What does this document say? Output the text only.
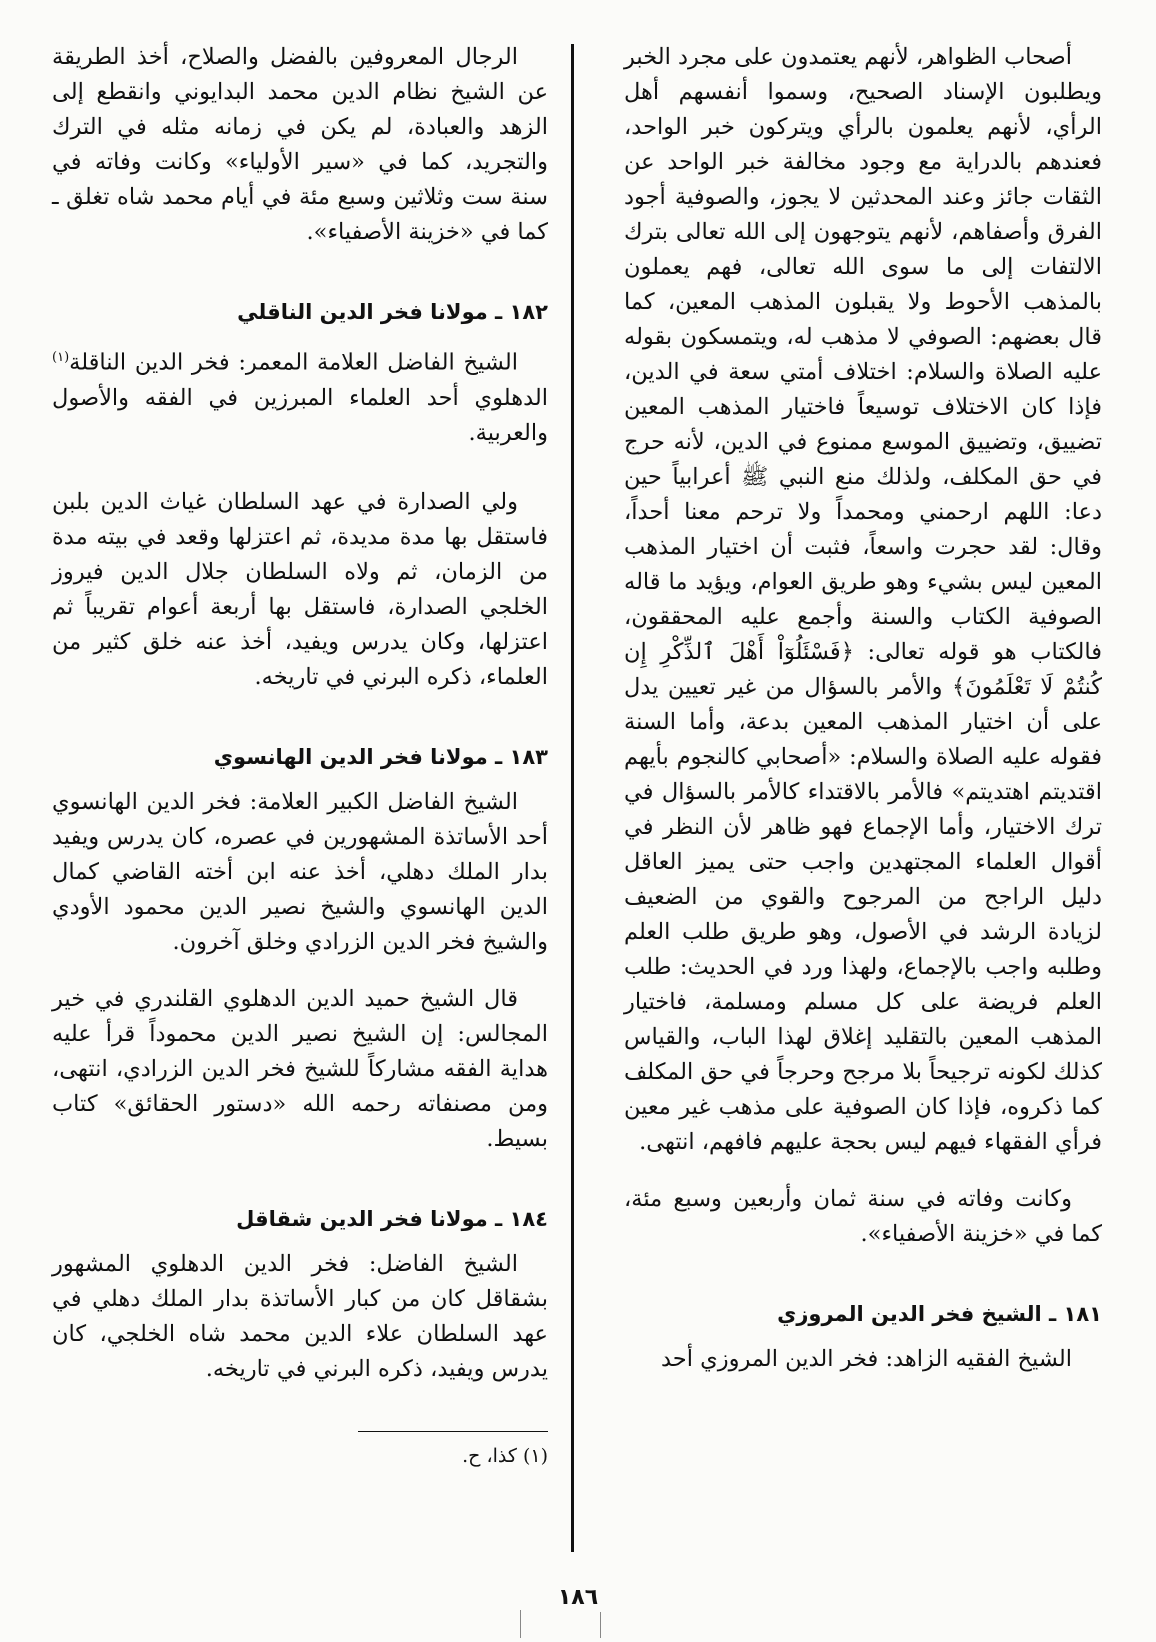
أصحاب الظواهر، لأنهم يعتمدون على مجرد الخبر ويطلبون الإسناد الصحيح، وسموا أنفسهم أهل الرأي، لأنهم يعلمون بالرأي ويتركون خبر الواحد، فعندهم بالدراية مع وجود مخالفة خبر الواحد عن الثقات جائز وعند المحدثين لا يجوز، والصوفية أجود الفرق وأصفاهم، لأنهم يتوجهون إلى الله تعالى بترك الالتفات إلى ما سوى الله تعالى، فهم يعملون بالمذهب الأحوط ولا يقبلون المذهب المعين، كما قال بعضهم: الصوفي لا مذهب له، ويتمسكون بقوله عليه الصلاة والسلام: اختلاف أمتي سعة في الدين، فإذا كان الاختلاف توسيعاً فاختيار المذهب المعين تضييق، وتضييق الموسع ممنوع في الدين، لأنه حرج في حق المكلف، ولذلك منع النبي ﷺ أعرابياً حين دعا: اللهم ارحمني ومحمداً ولا ترحم معنا أحداً، وقال: لقد حجرت واسعاً، فثبت أن اختيار المذهب المعين ليس بشيء وهو طريق العوام، ويؤيد ما قاله الصوفية الكتاب والسنة وأجمع عليه المحققون، فالكتاب هو قوله تعالى: ﴿فَسْئَلُوٓاْ أَهْلَ ٱلذِّكْرِ إِن كُنتُمْ لَا تَعْلَمُونَ﴾ والأمر بالسؤال من غير تعيين يدل على أن اختيار المذهب المعين بدعة، وأما السنة فقوله عليه الصلاة والسلام: «أصحابي كالنجوم بأيهم اقتديتم اهتديتم» فالأمر بالاقتداء كالأمر بالسؤال في ترك الاختيار، وأما الإجماع فهو ظاهر لأن النظر في أقوال العلماء المجتهدين واجب حتى يميز العاقل دليل الراجح من المرجوح والقوي من الضعيف لزيادة الرشد في الأصول، وهو طريق طلب العلم وطلبه واجب بالإجماع، ولهذا ورد في الحديث: طلب العلم فريضة على كل مسلم ومسلمة، فاختيار المذهب المعين بالتقليد إغلاق لهذا الباب، والقياس كذلك لكونه ترجيحاً بلا مرجح وحرجاً في حق المكلف كما ذكروه، فإذا كان الصوفية على مذهب غير معين فرأي الفقهاء فيهم ليس بحجة عليهم فافهم، انتهى.

وكانت وفاته في سنة ثمان وأربعين وسبع مئة، كما في «خزينة الأصفياء».

١٨١ ـ الشيخ فخر الدين المروزي

الشيخ الفقيه الزاهد: فخر الدين المروزي أحد

الرجال المعروفين بالفضل والصلاح، أخذ الطريقة عن الشيخ نظام الدين محمد البدايوني وانقطع إلى الزهد والعبادة، لم يكن في زمانه مثله في الترك والتجريد، كما في «سير الأولياء» وكانت وفاته في سنة ست وثلاثين وسبع مئة في أيام محمد شاه تغلق ـ كما في «خزينة الأصفياء».

١٨٢ ـ مولانا فخر الدين الناقلي

الشيخ الفاضل العلامة المعمر: فخر الدين الناقلة$^{(١)}$ الدهلوي أحد العلماء المبرزين في الفقه والأصول والعربية.

ولي الصدارة في عهد السلطان غياث الدين بلبن فاستقل بها مدة مديدة، ثم اعتزلها وقعد في بيته مدة من الزمان، ثم ولاه السلطان جلال الدين فيروز الخلجي الصدارة، فاستقل بها أربعة أعوام تقريباً ثم اعتزلها، وكان يدرس ويفيد، أخذ عنه خلق كثير من العلماء، ذكره البرني في تاريخه.

١٨٣ ـ مولانا فخر الدين الهانسوي

الشيخ الفاضل الكبير العلامة: فخر الدين الهانسوي أحد الأساتذة المشهورين في عصره، كان يدرس ويفيد بدار الملك دهلي، أخذ عنه ابن أخته القاضي كمال الدين الهانسوي والشيخ نصير الدين محمود الأودي والشيخ فخر الدين الزرادي وخلق آخرون.

قال الشيخ حميد الدين الدهلوي القلندري في خير المجالس: إن الشيخ نصير الدين محموداً قرأ عليه هداية الفقه مشاركاً للشيخ فخر الدين الزرادي، انتهى، ومن مصنفاته رحمه الله «دستور الحقائق» كتاب بسيط.

١٨٤ ـ مولانا فخر الدين شقاقل

الشيخ الفاضل: فخر الدين الدهلوي المشهور بشقاقل كان من كبار الأساتذة بدار الملك دهلي في عهد السلطان علاء الدين محمد شاه الخلجي، كان يدرس ويفيد، ذكره البرني في تاريخه.

(١) كذا، ح.

١٨٦
